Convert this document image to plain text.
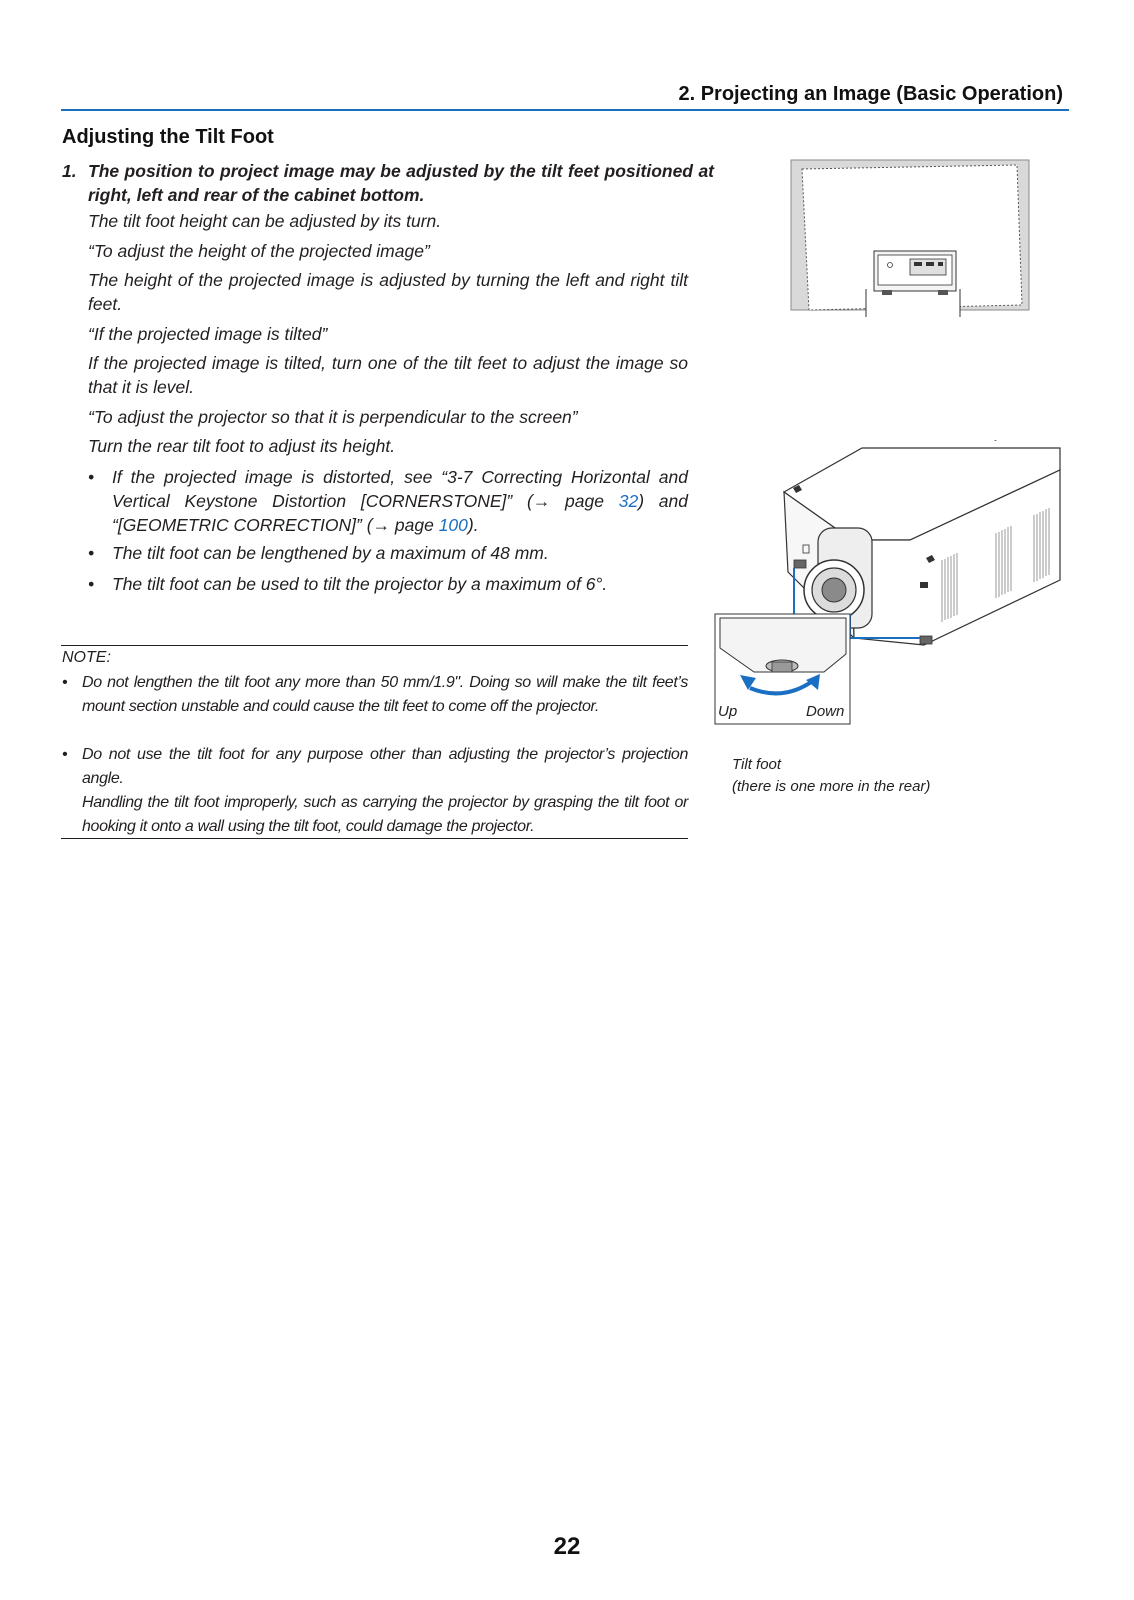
2. Projecting an Image (Basic Operation)
Adjusting the Tilt Foot
1. The position to project image may be adjusted by the tilt feet positioned at right, left and rear of the cabinet bottom.

The tilt foot height can be adjusted by its turn.

“To adjust the height of the projected image”

The height of the projected image is adjusted by turning the left and right tilt feet.

“If the projected image is tilted”

If the projected image is tilted, turn one of the tilt feet to adjust the image so that it is level.

“To adjust the projector so that it is perpendicular to the screen”

Turn the rear tilt foot to adjust its height.

• If the projected image is distorted, see “3-7 Correcting Horizontal and Vertical Keystone Distortion [CORNERSTONE]” (→ page 32) and “[GEOMETRIC CORRECTION]” (→ page 100).
• The tilt foot can be lengthened by a maximum of 48 mm.
• The tilt foot can be used to tilt the projector by a maximum of 6°.
NOTE:
• Do not lengthen the tilt foot any more than 50 mm/1.9". Doing so will make the tilt feet’s mount section unstable and could cause the tilt feet to come off the projector.
• Do not use the tilt foot for any purpose other than adjusting the projector’s projection angle.
Handling the tilt foot improperly, such as carrying the projector by grasping the tilt foot or hooking it onto a wall using the tilt foot, could damage the projector.
Up	Down
Tilt foot
(there is one more in the rear)
22
